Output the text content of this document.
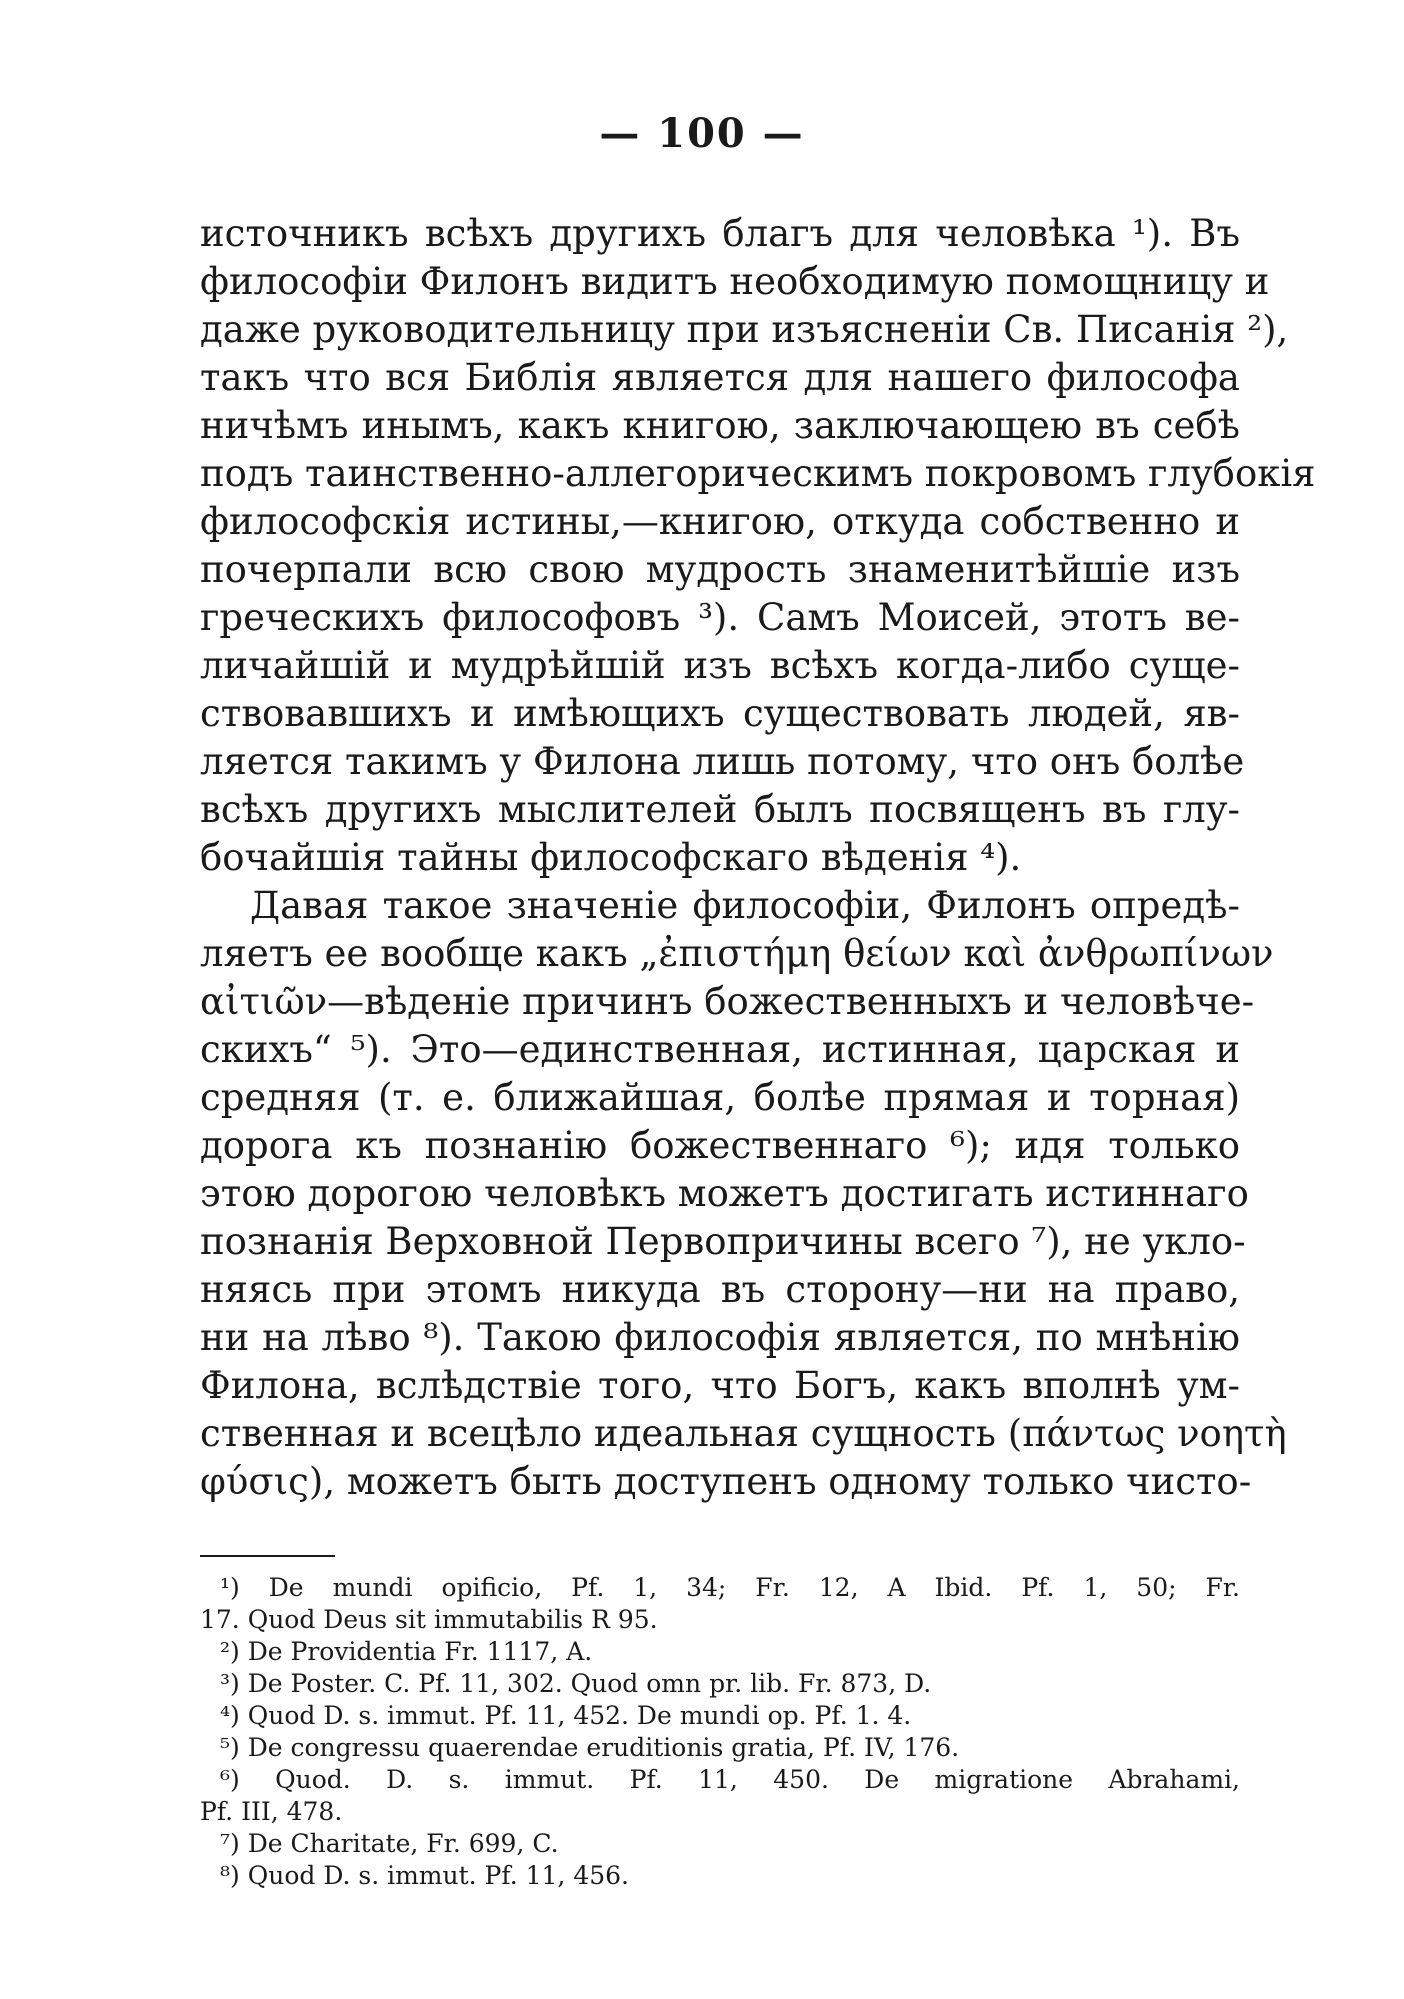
— 100 —
источникъ всѣхъ другихъ благъ для человѣка ¹). Въ
философіи Филонъ видитъ необходимую помощницу и
даже руководительницу при изъясненіи Св. Писанія ²),
такъ что вся Библія является для нашего философа
ничѣмъ инымъ, какъ книгою, заключающею въ себѣ
подъ таинственно-аллегорическимъ покровомъ глубокія
философскія истины,—книгою, откуда собственно и
почерпали всю свою мудрость знаменитѣйшіе изъ
греческихъ философовъ ³). Самъ Моисей, этотъ ве-
личайшій и мудрѣйшій изъ всѣхъ когда-либо суще-
ствовавшихъ и имѣющихъ существовать людей, яв-
ляется такимъ у Филона лишь потому, что онъ болѣе
всѣхъ другихъ мыслителей былъ посвященъ въ глу-
бочайшія тайны философскаго вѣденія ⁴).
Давая такое значеніе философіи, Филонъ опредѣ-
ляетъ ее вообще какъ „ἐπιστήμη θείων καὶ ἀνθρωπίνων
αἰτιῶν—вѣденіе причинъ божественныхъ и человѣче-
скихъ“ ⁵). Это—единственная, истинная, царская и
средняя (т. е. ближайшая, болѣе прямая и торная)
дорога къ познанію божественнаго ⁶); идя только
этою дорогою человѣкъ можетъ достигать истиннаго
познанія Верховной Первопричины всего ⁷), не укло-
няясь при этомъ никуда въ сторону—ни на право,
ни на лѣво ⁸). Такою философія является, по мнѣнію
Филона, вслѣдствіе того, что Богъ, какъ вполнѣ ум-
ственная и всецѣло идеальная сущность (πάντως νοητὴ
φύσις), можетъ быть доступенъ одному только чисто-
¹) De mundi opificio, Pf. 1, 34; Fr. 12, A Ibid. Pf. 1, 50; Fr.
17. Quod Deus sit immutabilis R 95.
²) De Providentia Fr. 1117, A.
³) De Poster. C. Pf. 11, 302. Quod omn pr. lib. Fr. 873, D.
⁴) Quod D. s. immut. Pf. 11, 452. De mundi op. Pf. 1. 4.
⁵) De congressu quaerendae eruditionis gratia, Pf. IV, 176.
⁶) Quod. D. s. immut. Pf. 11, 450. De migratione Abrahami,
Pf. III, 478.
⁷) De Charitate, Fr. 699, C.
⁸) Quod D. s. immut. Pf. 11, 456.
